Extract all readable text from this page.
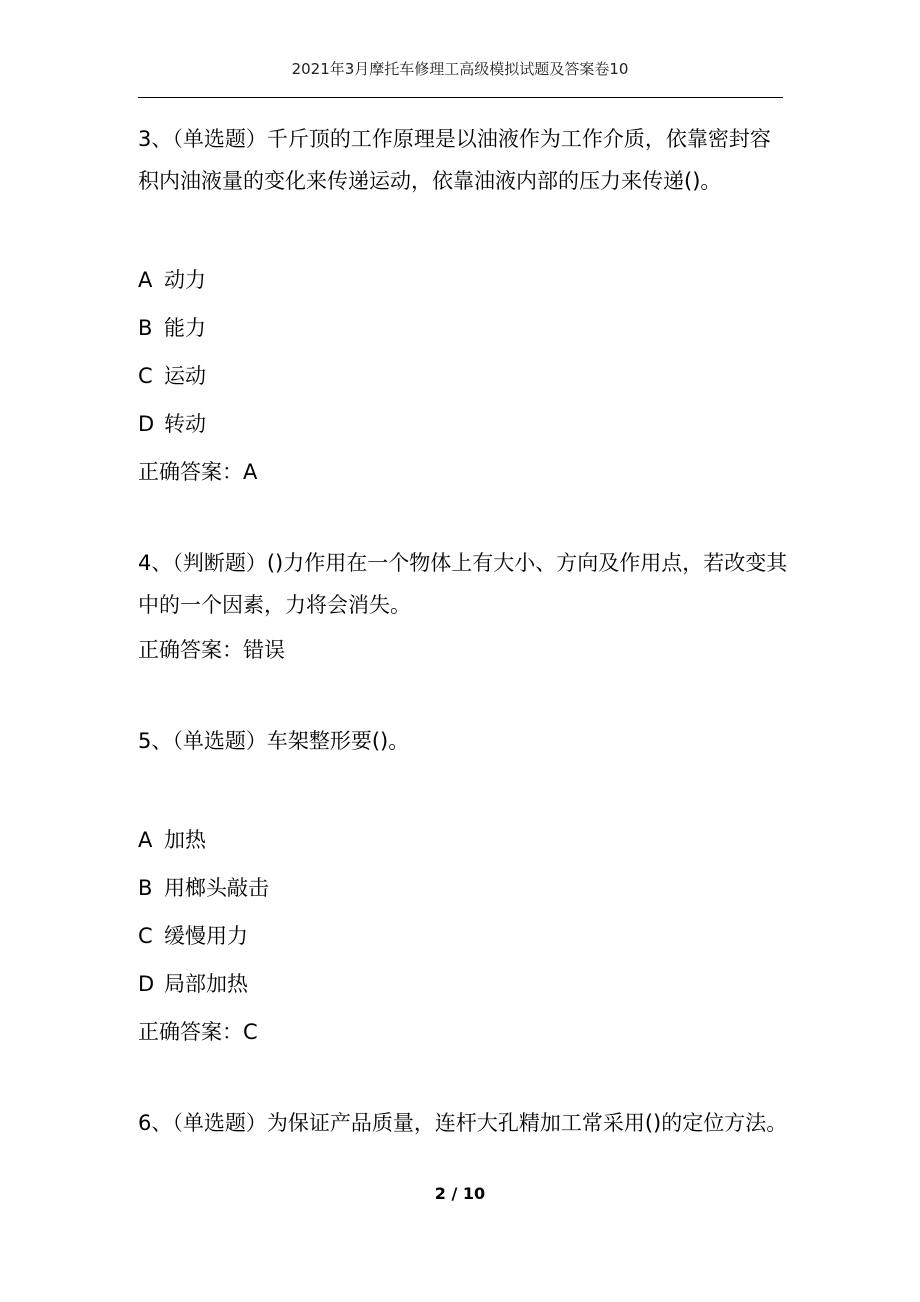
2021年3月摩托车修理工高级模拟试题及答案卷10

3、（单选题）千斤顶的工作原理是以油液作为工作介质，依靠密封容积内油液量的变化来传递运动，依靠油液内部的压力来传递()。

A 动力
B 能力
C 运动
D 转动
正确答案：A

4、（判断题）()力作用在一个物体上有大小、方向及作用点，若改变其中的一个因素，力将会消失。

正确答案：错误

5、（单选题）车架整形要()。

A 加热
B 用榔头敲击
C 缓慢用力
D 局部加热
正确答案：C

6、（单选题）为保证产品质量，连杆大孔精加工常采用()的定位方法。

2 / 10
